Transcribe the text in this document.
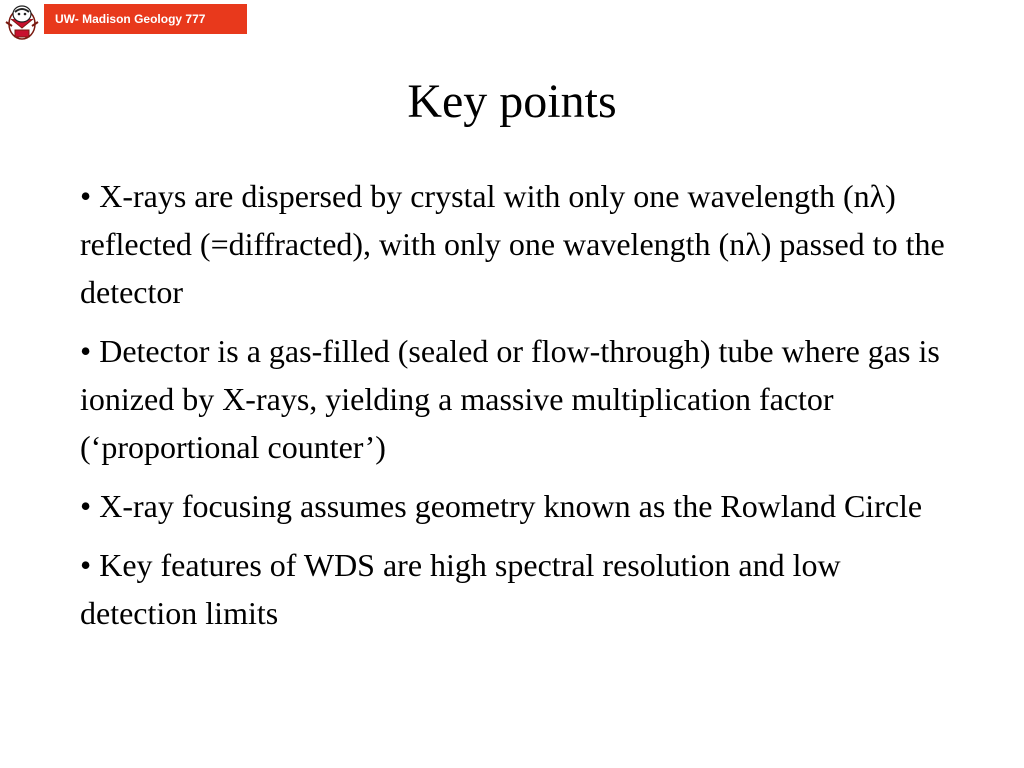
UW- Madison Geology 777
Key points
• X-rays are dispersed by crystal with only one wavelength (nλ) reflected (=diffracted), with only one wavelength (nλ) passed to the detector
• Detector is a gas-filled (sealed or flow-through) tube where gas is ionized by X-rays, yielding a massive multiplication factor (‘proportional counter’)
• X-ray focusing assumes geometry known as the Rowland Circle
• Key features of WDS are high spectral resolution and low detection limits
